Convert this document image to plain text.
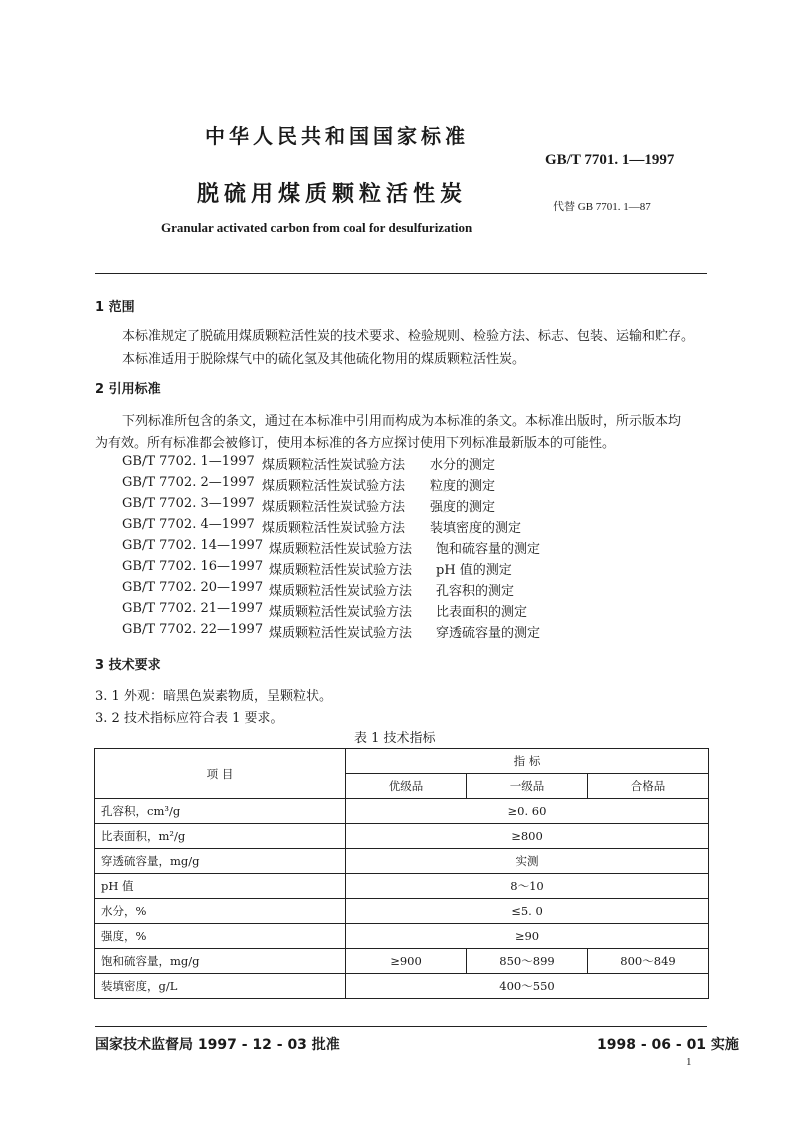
中华人民共和国国家标准
GB/T 7701. 1—1997
脱硫用煤质颗粒活性炭	代替 GB 7701. 1—87
Granular activated carbon from coal for desulfurization
1 范围
本标准规定了脱硫用煤质颗粒活性炭的技术要求、检验规则、检验方法、标志、包装、运输和贮存。
本标准适用于脱除煤气中的硫化氢及其他硫化物用的煤质颗粒活性炭。
2 引用标准
下列标准所包含的条文，通过在本标准中引用而构成为本标准的条文。本标准出版时，所示版本均
为有效。所有标准都会被修订，使用本标准的各方应探讨使用下列标准最新版本的可能性。
GB/T 7702. 1—1997 煤质颗粒活性炭试验方法 水分的测定
GB/T 7702. 2—1997 煤质颗粒活性炭试验方法 粒度的测定
GB/T 7702. 3—1997 煤质颗粒活性炭试验方法 强度的测定
GB/T 7702. 4—1997 煤质颗粒活性炭试验方法 装填密度的测定
GB/T 7702. 14—1997 煤质颗粒活性炭试验方法 饱和硫容量的测定
GB/T 7702. 16—1997 煤质颗粒活性炭试验方法 pH 值的测定
GB/T 7702. 20—1997 煤质颗粒活性炭试验方法 孔容积的测定
GB/T 7702. 21—1997 煤质颗粒活性炭试验方法 比表面积的测定
GB/T 7702. 22—1997 煤质颗粒活性炭试验方法 穿透硫容量的测定
3 技术要求
3. 1 外观：暗黑色炭素物质，呈颗粒状。
3. 2 技术指标应符合表 1 要求。
表 1 技术指标
项 目	指 标		
	优级品	一级品	合格品
孔容积，cm³/g	≥0. 60		
比表面积，m²/g	≥800		
穿透硫容量，mg/g	实测		
pH 值	8～10		
水分，%	≤5. 0		
强度，%	≥90		
饱和硫容量，mg/g	≥900	850～899	800～849
装填密度，g/L	400～550		
国家技术监督局 1997 - 12 - 03 批准	1998 - 06 - 01 实施
1
